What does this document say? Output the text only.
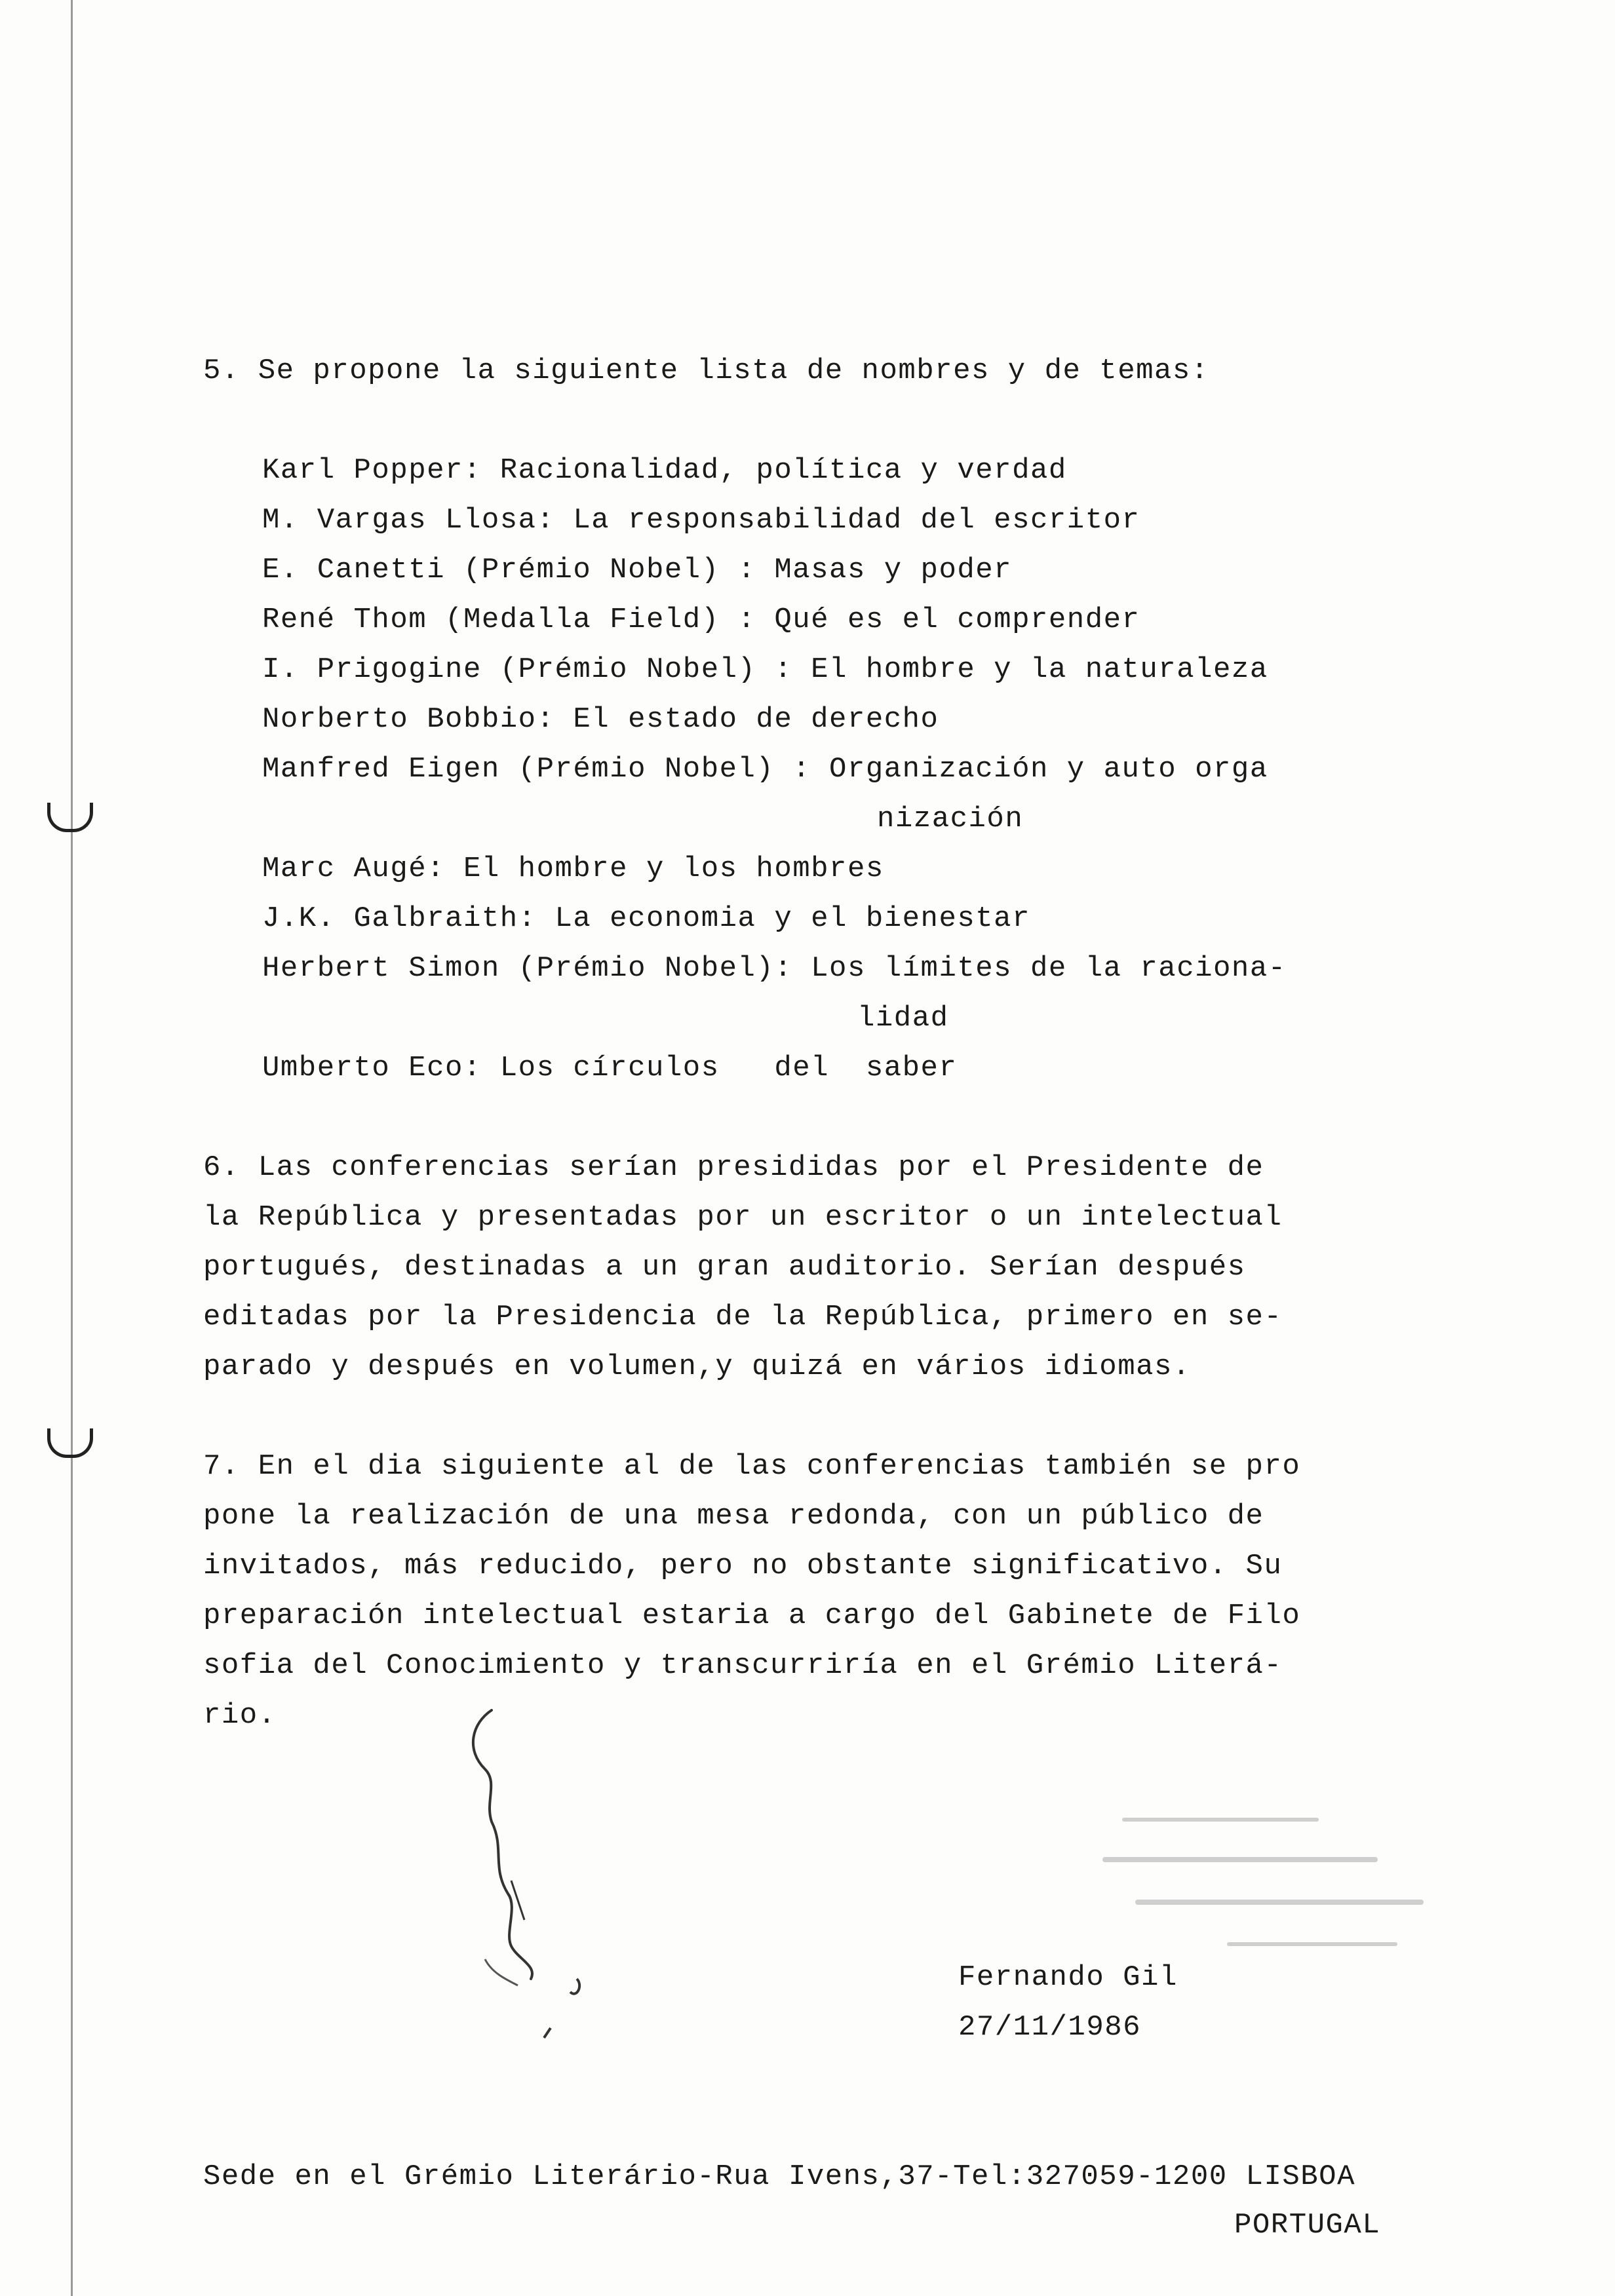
5. Se propone la siguiente lista de nombres y de temas:
Karl Popper: Racionalidad, política y verdad
M. Vargas Llosa: La responsabilidad del escritor
E. Canetti (Prémio Nobel) : Masas y poder
René Thom (Medalla Field) : Qué es el comprender
I. Prigogine (Prémio Nobel) : El hombre y la naturaleza
Norberto Bobbio: El estado de derecho
Manfred Eigen (Prémio Nobel) : Organización y auto orga
nización
Marc Augé: El hombre y los hombres
J.K. Galbraith: La economia y el bienestar
Herbert Simon (Prémio Nobel): Los límites de la raciona-
lidad
Umberto Eco: Los círculos   del  saber
6. Las conferencias serían presididas por el Presidente de
la República y presentadas por un escritor o un intelectual
portugués, destinadas a un gran auditorio. Serían después
editadas por la Presidencia de la República, primero en se-
parado y después en volumen,y quizá en vários idiomas.
7. En el dia siguiente al de las conferencias también se pro
pone la realización de una mesa redonda, con un público de
invitados, más reducido, pero no obstante significativo. Su
preparación intelectual estaria a cargo del Gabinete de Filo
sofia del Conocimiento y transcurriría en el Grémio Literá-
rio.

Fernando Gil
27/11/1986
Sede en el Grémio Literário-Rua Ivens,37-Tel:327059-1200 LISBOA
PORTUGAL
